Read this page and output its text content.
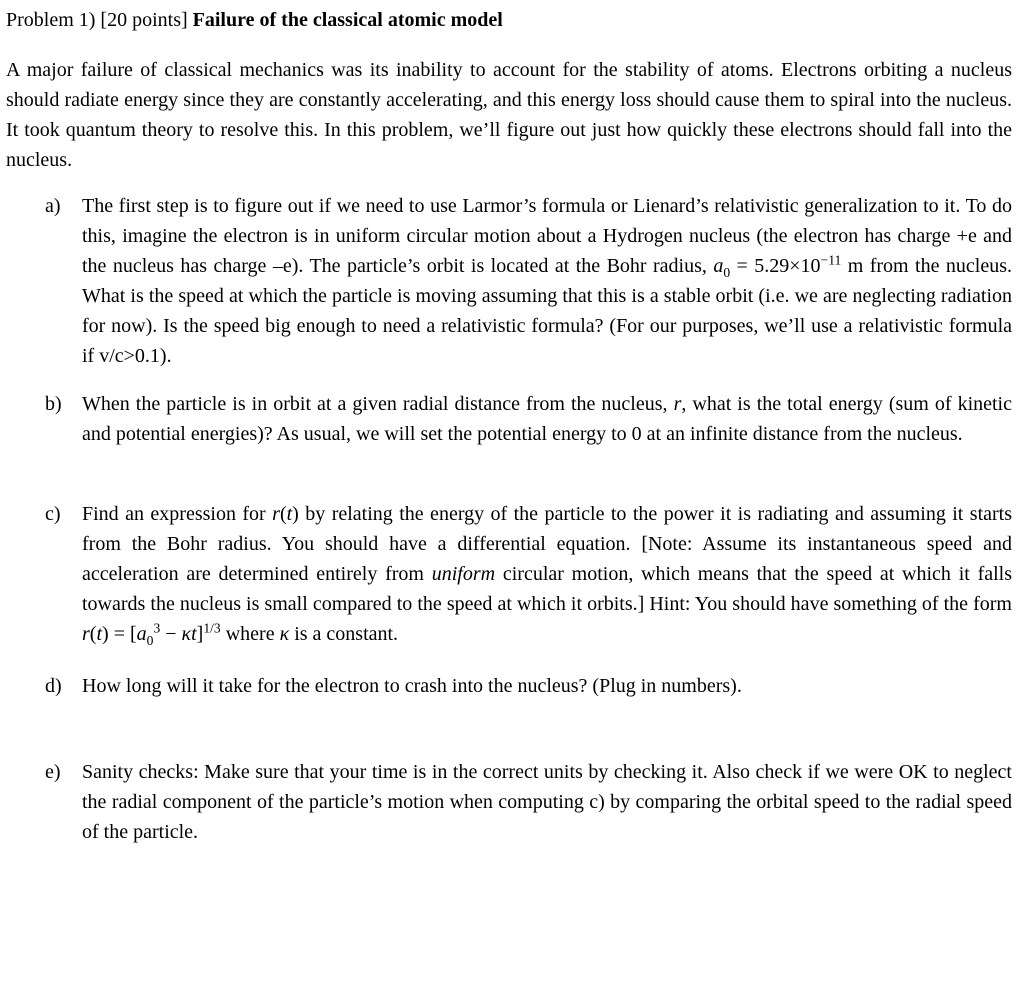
Problem 1) [20 points] Failure of the classical atomic model

A major failure of classical mechanics was its inability to account for the stability of atoms. Electrons orbiting a nucleus should radiate energy since they are constantly accelerating, and this energy loss should cause them to spiral into the nucleus. It took quantum theory to resolve this. In this problem, we’ll figure out just how quickly these electrons should fall into the nucleus.

a)	The first step is to figure out if we need to use Larmor’s formula or Lienard’s relativistic generalization to it. To do this, imagine the electron is in uniform circular motion about a Hydrogen nucleus (the electron has charge +e and the nucleus has charge –e). The particle’s orbit is located at the Bohr radius, $a_0 = 5.29\times 10^{-11}$ m from the nucleus. What is the speed at which the particle is moving assuming that this is a stable orbit (i.e. we are neglecting radiation for now). Is the speed big enough to need a relativistic formula? (For our purposes, we’ll use a relativistic formula if v/c>0.1).
b)	When the particle is in orbit at a given radial distance from the nucleus, r, what is the total energy (sum of kinetic and potential energies)? As usual, we will set the potential energy to 0 at an infinite distance from the nucleus.
c)	Find an expression for r(t) by relating the energy of the particle to the power it is radiating and assuming it starts from the Bohr radius. You should have a differential equation. [Note: Assume its instantaneous speed and acceleration are determined entirely from uniform circular motion, which means that the speed at which it falls towards the nucleus is small compared to the speed at which it orbits.] Hint: You should have something of the form $r(t) = [a_0^3 - \kappa t]^{1/3}$ where κ is a constant.
d)	How long will it take for the electron to crash into the nucleus? (Plug in numbers).
e)	Sanity checks: Make sure that your time is in the correct units by checking it. Also check if we were OK to neglect the radial component of the particle’s motion when computing c) by comparing the orbital speed to the radial speed of the particle.
